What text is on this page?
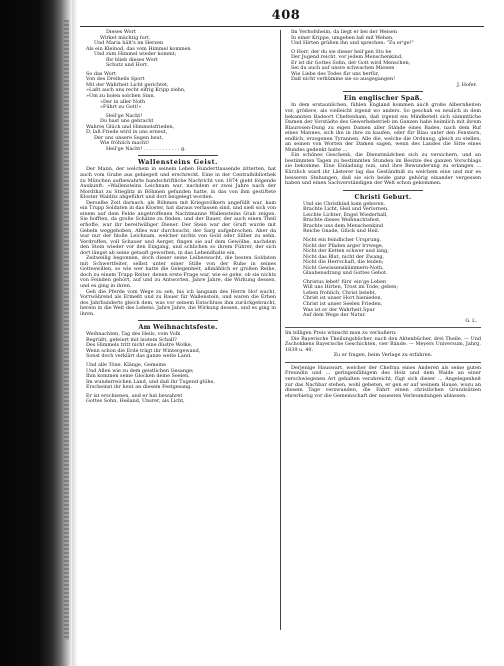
408
Dieses Wort
Wirket mächtig fort,
Und Maria hält's im Herzen
Als ein Kleinod, das vom Himmel kommen
Und zum Himmel wieder kommt;
Ihr blieb dieses Wort
Schutz und Hort.
So das Wort
Von des Dreiheils Sport
Mit der Wahrheit Licht gerichtet,
»Laßt auch uns recht eifrig Kripp ziehn,
»Um zu holen solchen Sinn,
»Der in aller Noth
»Führt zu Gott!«
Heil'ge Nacht!
Du hast uns gebracht
Wahres Glück und Himmelsfrieden,
D, laß Friede wird in uns erneut,
Der uns unsere Segen beut,
Wie fröhlich macht!
Heil'ge Nacht! . . . . . . . . . . . . g.
Wallensteins Geist.
Der Mann, der welchem in seinem Leben Hunderttausende zitterten, hat auch vom Grabe aus gebiegelt und erschreckt. Eine in der Centralbibliothek zu München aufbewahrte handschriftliche Nachricht von 1874 giebt folgende Auskunft: »Wallensteins Leichnam war, nachdem er zwei Jahre nach der Mordthat zu Stieglitz in Böhmen gefunden hatte, in das von ihm gestiftete Kloster Walditz abgeführt und dort beigelegt worden.
Derselbe Zeit darnach, als Böhmen mit Kriegsvölkern angefüllt war, kam ein Trupp Soldaten in das Kloster, hat daraus verlassen sind, und sieß sich von einem auf dem Felde angetroffenen Nachtmanne Wallensteins Grab zeigen. Sie hofften, da große Schätze zu finden, und der Bauer, der auch einen Theil erhofte, war ihr bereitwilliger Diener. Der Stein war der Gruft wurde mit Gebeln weggehoben, Alles war durchsucht, der Sarg aufgebrochen. Aber da war nur der bloße Leichnam, welcher nichts von Gold oder Silber zu sehn. Verdroffen, voll Schauer und Aerger, fingen sie auf dem Gewölbe, nachdem den Stein wieder vor den Eingang, und schlichen so ihrem Führer, der sich dort längst ab seine getauft geworben, in das Lebendhalte ein.
Zeitweilig begonnen, doch dieser seine Leibeswacht, die besten Soldaten mit Schwertfeiter, selbst unter einer Stille von der Ruhe in seines Gotteswillen, so wie wer hatte die Gelegenheit, allmählich er großen Reihe, doch zu einem Trupp Reiter, denen erste Frage war, wie es gehe, ob sie nichts von Feinden gehört, auf und zu Antworten, Jahre Jahre, die Wirkung dessen, und es ging in ihren.
Geh die Pferde vom Wege zu seh, bis ich langsam des Herrn Hof wacht, Vorrwährend als Ermeßt und zu Bauer für Wallenstein, und waren die Erben des Jahrhunderts gleich dem, was vor seinem Entschluss ihm zurückgebracht, herein in die Welt des Lebens. Jahre Jahre, die Wirkung dessen, und es ging in ihren.
Am Weihnachtsfeste.
Weihnachten, Tag des Heils, vom Volk
Begrüßt, gefeiert mit lautem Schall?
Des Himmels tritt nicht eine düstre Wolke,
Wenn schon die Erde trägt ihr Wintergewand,
Sonst doch verklärt das ganze weite Land.
Und alle Töne, Klänge, Gemeine
Und Allen wie zu dem geistlichen Gesange;
Ihm kommen seine Glocken deine Seelen,
Im wunderreichen Land, und daß ihr Tugend glühe,
Erscheinst ihr heut an diesem Festgesang.
Er ist erschienen, und er hat bewahret
Gottes Sohn, Heiland, Unsrer, als Licht,
Im Verhofsheim, da liegt er bei der Weisen
In einer Krippe, umgeben laß mit Wehen,
Und Hirten grüßen ihn und sprechen: "Zu er'ge!"
O Herr, der du sie dieser heil'gen Stu be
Der Jugend reicht, vor jedem Menschenkind,
Er ist dir Gottes Sohn, der Gott wird Menschen;
Sei du auch auf unsre schwachen Mienen
Wie Liebe des Todes für uns herfür,
Daß nicht verkümme sie so ausgegangen!
J. Hofer.
Ein englischer Spaß.
In dem erstaunlichen, fühlen England kommen auch große Albernheiten vor, größere, als vielleicht irgend wo anders. So geschah es neulich in dem bekannten Badeort Cheltenham, daß irgend ein Mindbetelt sich sämmtliche Damen der Vorstädte des Gewerbebetrieb im Ganzen habe heimlich mit ihrem Blaurosen-Dung zu eigen Damen aller Stände eines Bades, nach dem Ruf eines Mannes, sich ihn in ihre zu kaufen, oder für Blau unter den Fenstern, endlich, erzogenen Tyrannen. Alle die, welche die Ordnung, gleich zu stellen, an seinen von Worten der Damen sagen, wenn des Landes die Sitte eines Mundes gedenkt hatte ...
Ein schönes Geschenk, die Dienstmädchen sich zu versichern, und an bestimmten Tagen zu bestimmten Stunden im Besitze des ganzen Vorschlags sie bekomme. Eine Einladung nun, und ihre Bewunderung zu erlangen ... Kürzlich ward ihr Lästerer lag das Geständniß zu welchem eine und mir es besseren Stehungen, daß sie sich beide ganz gehörig einander vergessen haben und einen Sachverständigen der Welt schon gekommen.
Christi Geburt.
Und sie Christkind kam geboren,
Brachte Licht, Heil und Verlornen,
Leichte Lichter, Engel Wiederhall,
Brachte dieses Weihnachtsfest,
Brachte uns dem Menschenkind
Reiche Gnade, Glück und Heil.
Nicht ein feindlicher Ursprung,
Nicht der Pfaden arger Irrwege,
Nicht der Ketten schwer und lang,
Nicht das Blut, nicht der Zwang,
Nicht die Herrschaft, die leiden;
Nicht Gewissenskümmern-Noth,
Glaubensdrang und Gottes Gebot.
Christus lebet! fürs' ein'ge Leben
Will uns Hirten, Trost im Tode, geben;
Leben frohlich, Christ belebt,
Christ ist unser Hort hienieden,
Christ ist unser Seelen Frieden,
Was ist er der Wahrheit Spur
Auf dem Wege der Natur.
G. L.
Im billigen Preis wünscht man zu veräußern:
Die Bayerische Theilungsbücher, nach den Aktenbücher, drei Theile. — Und Zschokkens Bayerische Geschichten, vier Bände. — Meyers Universum, Jahrg. 1839 u. 40.
Zu er fragen, beim Verlage zu erfahren.
Derjenige Hauswart, welcher der Chefrau eines Anderen als seine guten Freundin und ... geringenfähigem des Holz und dem Walde an einer verschwiegenen Art gehalten verabreicht, fügt sich dieser ... Angelegenheit zur das Nachbar stehen, wohl gebeten, er gen er auf weinem Hause, wozu an diesem Tage verzwunden, die Fahrt einen christlichen Grundsätzen ehrerbietig vor die Gemeinschaft der neuesten Verleumdungen ablassen.
